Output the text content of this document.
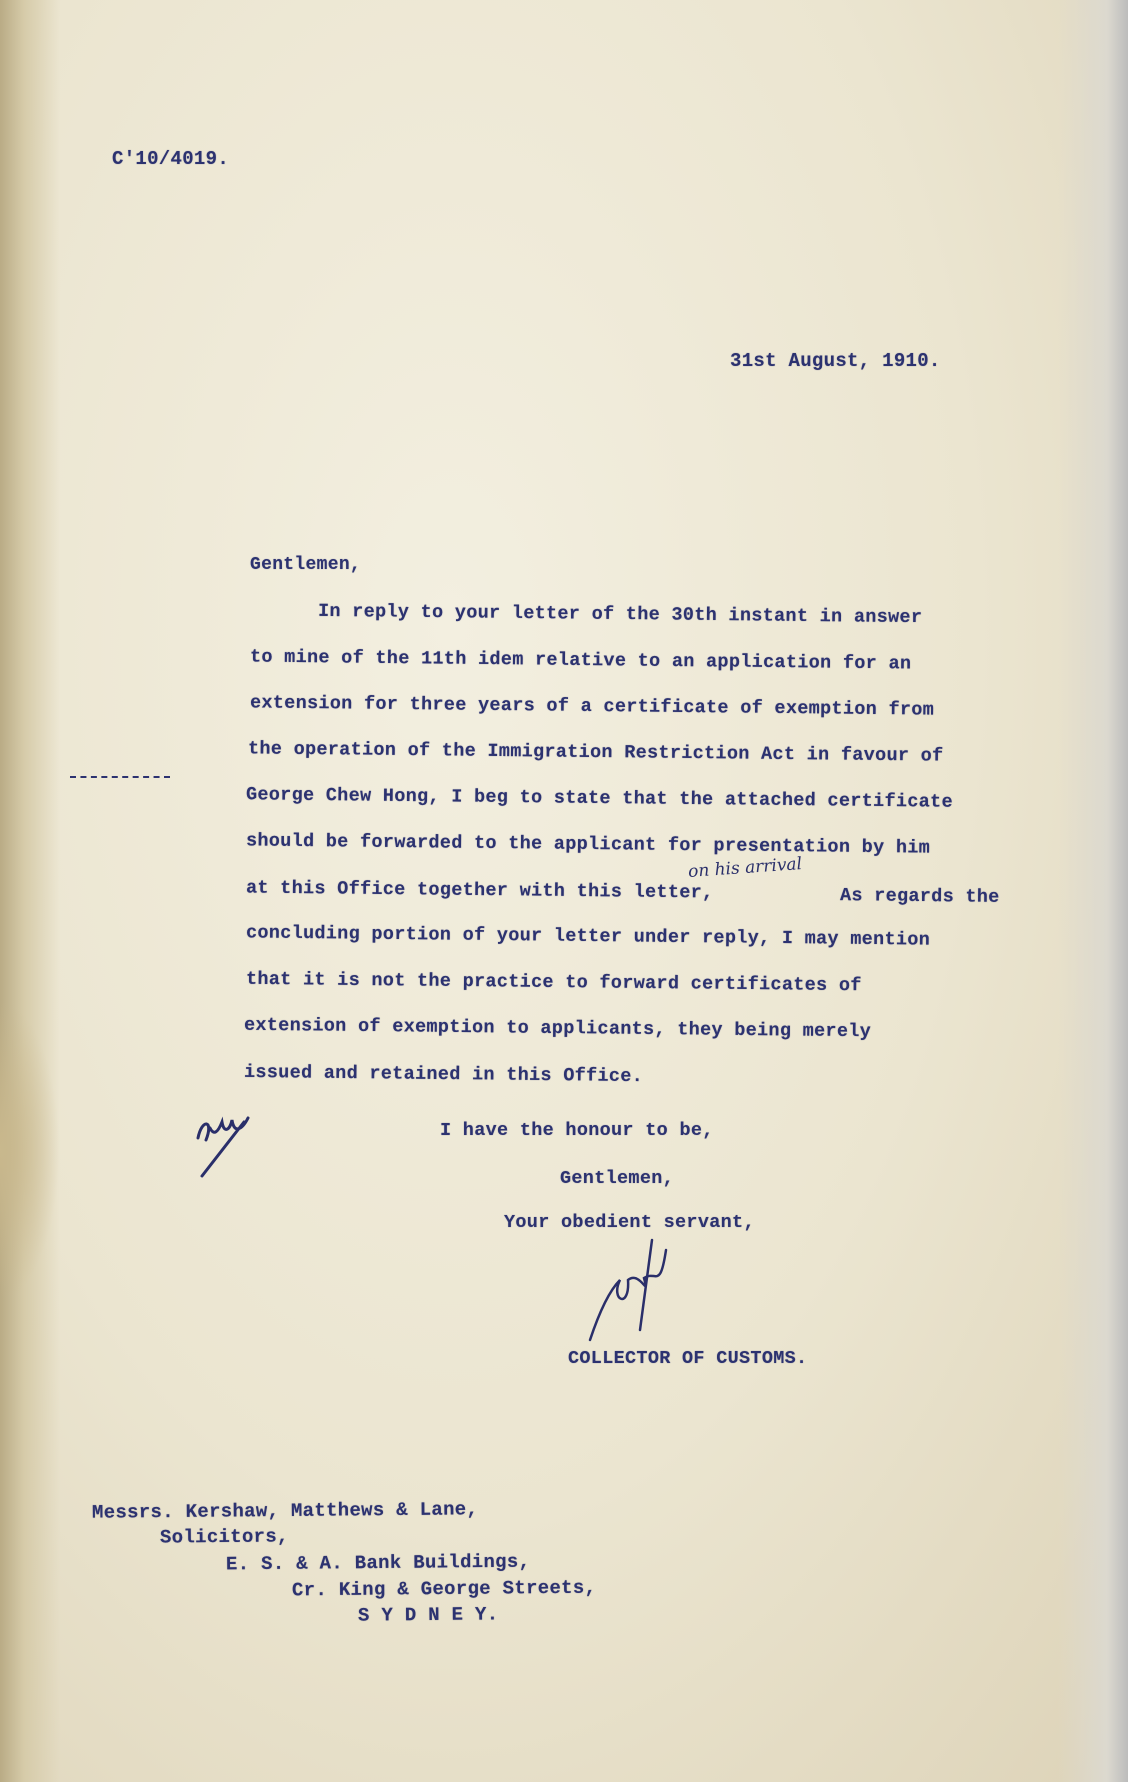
C'10/4019.
31st August, 1910.
Gentlemen,
In reply to your letter of the 30th instant in answer
to mine of the 11th idem relative to an application for an
extension for three years of a certificate of exemption from
the operation of the Immigration Restriction Act in favour of
George Chew Hong, I beg to state that the attached certificate
should be forwarded to the applicant for presentation by him
at this Office together with this letter,	As regards the
concluding portion of your letter under reply, I may mention
that it is not the practice to forward certificates of
extension of exemption to applicants, they being merely
issued and retained in this Office.
on his arrival
I have the honour to be,
Gentlemen,
Your obedient servant,
COLLECTOR OF CUSTOMS.
Messrs. Kershaw, Matthews & Lane,
Solicitors,
E. S. & A. Bank Buildings,
Cr. King & George Streets,
S Y D N E Y.
